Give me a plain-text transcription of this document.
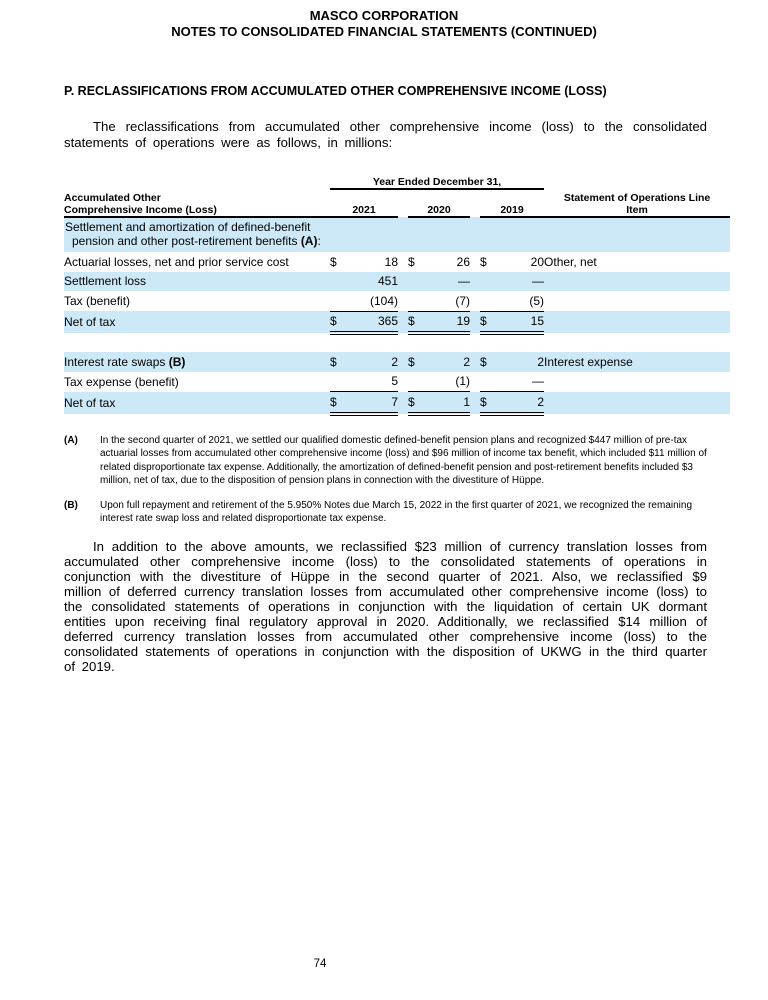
MASCO CORPORATION
NOTES TO CONSOLIDATED FINANCIAL STATEMENTS (CONTINUED)
P. RECLASSIFICATIONS FROM ACCUMULATED OTHER COMPREHENSIVE INCOME (LOSS)

The reclassifications from accumulated other comprehensive income (loss) to the consolidated statements of operations were as follows, in millions:

	Year Ended December 31,								

Accumulated Other
Comprehensive Income (Loss)	2021		2020		2019	
Statement of Operations Line
Item

Settlement and amortization of defined-benefit pension and other post-retirement benefits (A):									

Actuarial losses, net and prior service cost	$	18		$	26		$	20	Other, net
Settlement loss		451			—			—	
Tax (benefit)		(104)			(7)			(5)	
Net of tax	$	365		$	19		$	15	

Interest rate swaps (B)	$	2		$	2		$	2	Interest expense
Tax expense (benefit)		5			(1)			—	
Net of tax	$	7		$	1		$	2	
(A)	In the second quarter of 2021, we settled our qualified domestic defined-benefit pension plans and recognized $447 million of pre-tax actuarial losses from accumulated other comprehensive income (loss) and $96 million of income tax benefit, which included $11 million of related disproportionate tax expense. Additionally, the amortization of defined-benefit pension and post-retirement benefits included $3 million, net of tax, due to the disposition of pension plans in connection with the divestiture of Hüppe.
(B)	Upon full repayment and retirement of the 5.950% Notes due March 15, 2022 in the first quarter of 2021, we recognized the remaining interest rate swap loss and related disproportionate tax expense.

In addition to the above amounts, we reclassified $23 million of currency translation losses from accumulated other comprehensive income (loss) to the consolidated statements of operations in conjunction with the divestiture of Hüppe in the second quarter of 2021. Also, we reclassified $9 million of deferred currency translation losses from accumulated other comprehensive income (loss) to the consolidated statements of operations in conjunction with the liquidation of certain UK dormant entities upon receiving final regulatory approval in 2020. Additionally, we reclassified $14 million of deferred currency translation losses from accumulated other comprehensive income (loss) to the consolidated statements of operations in conjunction with the disposition of UKWG in the third quarter of 2019.

74
